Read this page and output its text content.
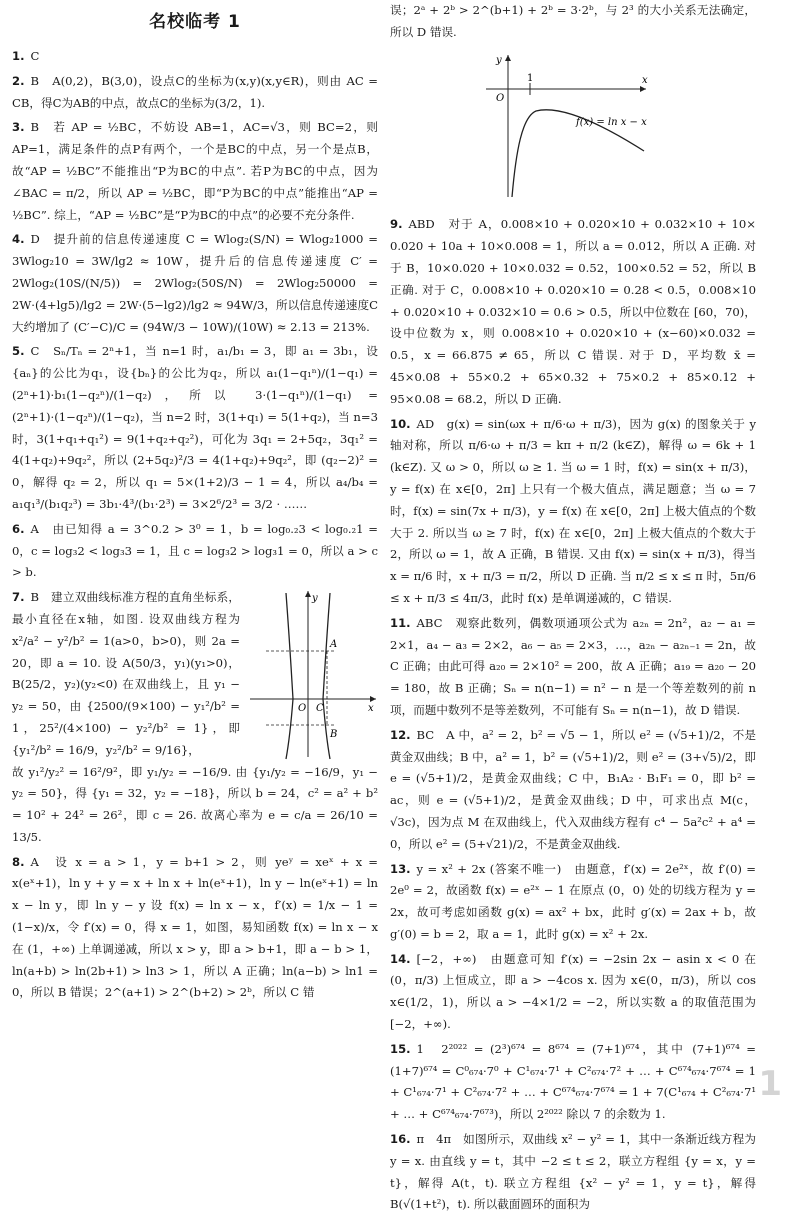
名校临考 1
1. C
2. B　A(0,2)，B(3,0)，设点C的坐标为(x,y)(x,y∈R)，则由 AC = CB，得C为AB的中点，故点C的坐标为(3/2，1).
3. B　若 AP = ½BC，不妨设 AB=1，AC=√3，则 BC=2，则 AP=1，满足条件的点P有两个，一个是BC的中点，另一个是点B，故“AP = ½BC”不能推出“P为BC的中点”. 若P为BC的中点，因为∠BAC = π/2，所以 AP = ½BC，即“P为BC的中点”能推出“AP = ½BC”. 综上，“AP = ½BC”是“P为BC的中点”的必要不充分条件.
4. D　提升前的信息传递速度 C = Wlog₂(S/N) = Wlog₂1000 = 3Wlog₂10 = 3W/lg2 ≈ 10W，提升后的信息传递速度 C′ = 2Wlog₂(10S/(N/5)) = 2Wlog₂(50S/N) = 2Wlog₂50000 = 2W·(4+lg5)/lg2 = 2W·(5−lg2)/lg2 ≈ 94W/3，所以信息传递速度C大约增加了 (C′−C)/C = (94W/3 − 10W)/(10W) ≈ 2.13 = 213%.
5. C　Sₙ/Tₙ = 2ⁿ+1，当 n=1 时，a₁/b₁ = 3，即 a₁ = 3b₁，设{aₙ}的公比为q₁，设{bₙ}的公比为q₂，所以 a₁(1−q₁ⁿ)/(1−q₁) = (2ⁿ+1)·b₁(1−q₂ⁿ)/(1−q₂)，所以 3·(1−q₁ⁿ)/(1−q₁) = (2ⁿ+1)·(1−q₂ⁿ)/(1−q₂)，当 n=2 时，3(1+q₁) = 5(1+q₂)，当 n=3 时，3(1+q₁+q₁²) = 9(1+q₂+q₂²)，可化为 3q₁ = 2+5q₂，3q₁² = 4(1+q₂)+9q₂²，所以 (2+5q₂)²/3 = 4(1+q₂)+9q₂²，即 (q₂−2)² = 0，解得 q₂ = 2，所以 q₁ = 5×(1+2)/3 − 1 = 4，所以 a₄/b₄ = a₁q₁³/(b₁q₂³) = 3b₁·4³/(b₁·2³) = 3×2⁶/2³ = 3/2 · ……
6. A　由已知得 a = 3^0.2 > 3⁰ = 1，b = log₀.₂3 < log₀.₂1 = 0，c = log₃2 < log₃3 = 1，且 c = log₃2 > log₃1 = 0，所以 a > c > b.
7. B　建立双曲线标准方程的直角坐标系，最小直径在x轴，如图. 设双曲线方程为 x²/a² − y²/b² = 1(a>0，b>0)，则 2a = 20，即 a = 10. 设 A(50/3，y₁)(y₁>0)，B(25/2，y₂)(y₂<0) 在双曲线上，且 y₁ − y₂ = 50，由 {2500/(9×100) − y₁²/b² = 1，25²/(4×100) − y₂²/b² = 1}，即 {y₁²/b² = 16/9，y₂²/b² = 9/16}，
y
x
A
B
C
O
故 y₁²/y₂² = 16²/9²，即 y₁/y₂ = −16/9. 由 {y₁/y₂ = −16/9，y₁ − y₂ = 50}，得 {y₁ = 32，y₂ = −18}，所以 b = 24，c² = a² + b² = 10² + 24² = 26²，即 c = 26. 故离心率为 e = c/a = 26/10 = 13/5.
8. A　设 x = a > 1，y = b+1 > 2，则 yeʸ = xeˣ + x = x(eˣ+1)，ln y + y = x + ln x + ln(eˣ+1)，ln y − ln(eˣ+1) = ln x − ln y，即 ln y − y 设 f(x) = ln x − x，f′(x) = 1/x − 1 = (1−x)/x，令 f′(x) = 0，得 x = 1，如图，易知函数 f(x) = ln x − x 在 (1，+∞) 上单调递减，所以 x > y，即 a > b+1，即 a − b > 1，ln(a+b) > ln(2b+1) > ln3 > 1，所以 A 正确；ln(a−b) > ln1 = 0，所以 B 错误；2^(a+1) > 2^(b+2) > 2ᵇ，所以 C 错
误；2ᵃ + 2ᵇ > 2^(b+1) + 2ᵇ = 3·2ᵇ，与 2³ 的大小关系无法确定，所以 D 错误.
y
x
O
1
f(x) = ln x − x
9. ABD　对于 A，0.008×10 + 0.020×10 + 0.032×10 + 10× 0.020 + 10a + 10×0.008 = 1，所以 a = 0.012，所以 A 正确. 对于 B，10×0.020 + 10×0.032 = 0.52，100×0.52 = 52，所以 B 正确. 对于 C，0.008×10 + 0.020×10 = 0.28 < 0.5，0.008×10 + 0.020×10 + 0.032×10 = 0.6 > 0.5，所以中位数在 [60，70)，设中位数为 x，则 0.008×10 + 0.020×10 + (x−60)×0.032 = 0.5，x = 66.875 ≠ 65，所以 C 错误. 对于 D，平均数 x̄ = 45×0.08 + 55×0.2 + 65×0.32 + 75×0.2 + 85×0.12 + 95×0.08 = 68.2，所以 D 正确.
10. AD　g(x) = sin(ωx + π/6·ω + π/3)，因为 g(x) 的图象关于 y 轴对称，所以 π/6·ω + π/3 = kπ + π/2 (k∈Z)，解得 ω = 6k + 1 (k∈Z). 又 ω > 0，所以 ω ≥ 1. 当 ω = 1 时，f(x) = sin(x + π/3)，y = f(x) 在 x∈[0，2π] 上只有一个极大值点，满足题意；当 ω = 7 时，f(x) = sin(7x + π/3)，y = f(x) 在 x∈[0，2π] 上极大值点的个数大于 2. 所以当 ω ≥ 7 时，f(x) 在 x∈[0，2π] 上极大值点的个数大于 2，所以 ω = 1，故 A 正确，B 错误. 又由 f(x) = sin(x + π/3)，得当 x = π/6 时，x + π/3 = π/2，所以 D 正确. 当 π/2 ≤ x ≤ π 时，5π/6 ≤ x + π/3 ≤ 4π/3，此时 f(x) 是单调递减的，C 错误.
11. ABC　观察此数列，偶数项通项公式为 a₂ₙ = 2n²，a₂ − a₁ = 2×1，a₄ − a₃ = 2×2，a₆ − a₅ = 2×3，…，a₂ₙ − a₂ₙ₋₁ = 2n，故 C 正确；由此可得 a₂₀ = 2×10² = 200，故 A 正确；a₁₉ = a₂₀ − 20 = 180，故 B 正确；Sₙ = n(n−1) = n² − n 是一个等差数列的前 n 项，而题中数列不是等差数列，不可能有 Sₙ = n(n−1)，故 D 错误.
12. BC　A 中，a² = 2，b² = √5 − 1，所以 e² = (√5+1)/2，不是黄金双曲线；B 中，a² = 1，b² = (√5+1)/2，则 e² = (3+√5)/2，即 e = (√5+1)/2，是黄金双曲线；C 中，B₁A₂ · B₁F₁ = 0，即 b² = ac，则 e = (√5+1)/2，是黄金双曲线；D 中，可求出点 M(c，√3c)，因为点 M 在双曲线上，代入双曲线方程有 c⁴ − 5a²c² + a⁴ = 0，所以 e² = (5+√21)/2，不是黄金双曲线.
13. y = x² + 2x (答案不唯一)　由题意，f′(x) = 2e²ˣ，故 f′(0) = 2e⁰ = 2，故函数 f(x) = e²ˣ − 1 在原点 (0，0) 处的切线方程为 y = 2x，故可考虑如函数 g(x) = ax² + bx，此时 g′(x) = 2ax + b，故 g′(0) = b = 2，取 a = 1，此时 g(x) = x² + 2x.
14. [−2，+∞)　由题意可知 f′(x) = −2sin 2x − asin x < 0 在 (0，π/3) 上恒成立，即 a > −4cos x. 因为 x∈(0，π/3)，所以 cos x∈(1/2，1)，所以 a > −4×1/2 = −2，所以实数 a 的取值范围为 [−2，+∞).
15. 1　2²⁰²² = (2³)⁶⁷⁴ = 8⁶⁷⁴ = (7+1)⁶⁷⁴，其中 (7+1)⁶⁷⁴ = (1+7)⁶⁷⁴ = C⁰₆₇₄·7⁰ + C¹₆₇₄·7¹ + C²₆₇₄·7² + … + C⁶⁷⁴₆₇₄·7⁶⁷⁴ = 1 + C¹₆₇₄·7¹ + C²₆₇₄·7² + … + C⁶⁷⁴₆₇₄·7⁶⁷⁴ = 1 + 7(C¹₆₇₄ + C²₆₇₄·7¹ + … + C⁶⁷⁴₆₇₄·7⁶⁷³)，所以 2²⁰²² 除以 7 的余数为 1.
16. π　4π　如图所示，双曲线 x² − y² = 1，其中一条渐近线方程为 y = x. 由直线 y = t，其中 −2 ≤ t ≤ 2，联立方程组 {y = x，y = t}，解得 A(t，t). 联立方程组 {x² − y² = 1，y = t}，解得 B(√(1+t²)，t). 所以截面圆环的面积为
1
